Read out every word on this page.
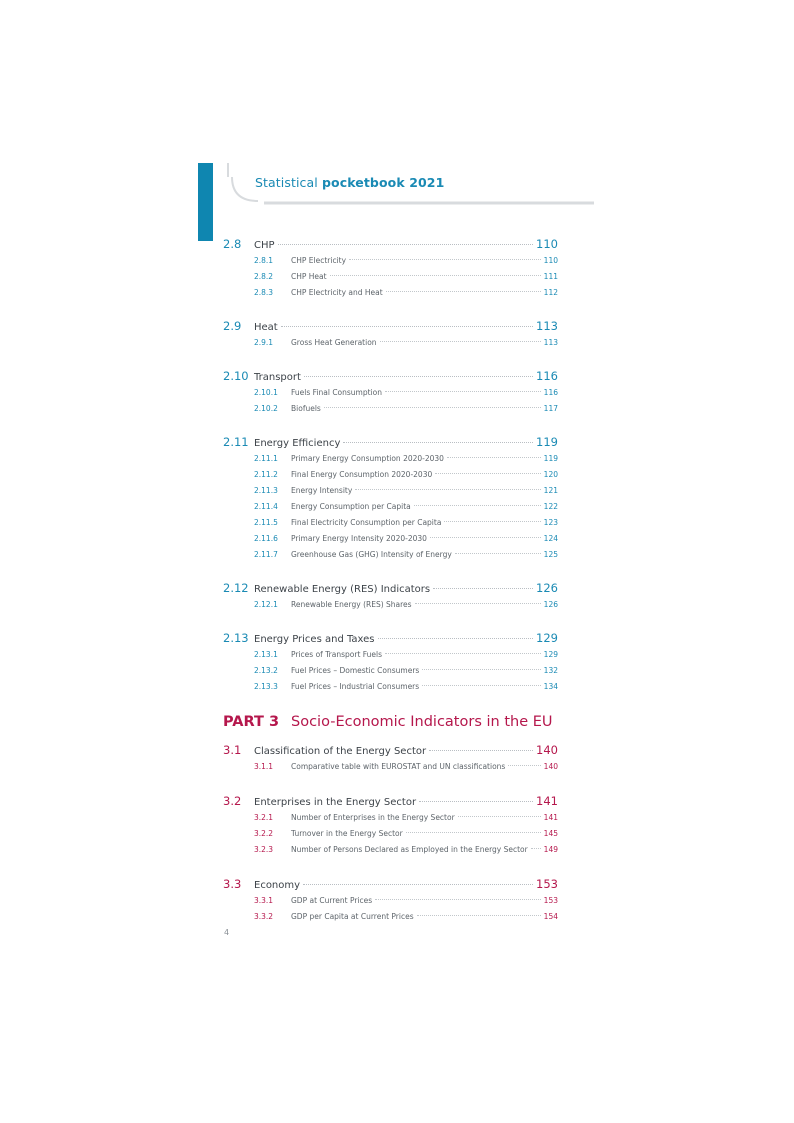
Statistical pocketbook 2021
2.8	CHP	110
2.8.1	CHP Electricity	110
2.8.2	CHP Heat	111
2.8.3	CHP Electricity and Heat	112
2.9	Heat	113
2.9.1	Gross Heat Generation	113
2.10 Transport	116
2.10.1	Fuels Final Consumption	116
2.10.2	Biofuels	117
2.11 Energy Efficiency	119
2.11.1	Primary Energy Consumption 2020-2030	119
2.11.2	Final Energy Consumption 2020-2030	120
2.11.3	Energy Intensity	121
2.11.4	Energy Consumption per Capita	122
2.11.5	Final Electricity Consumption per Capita	123
2.11.6	Primary Energy Intensity 2020-2030	124
2.11.7	Greenhouse Gas (GHG) Intensity of Energy	125
2.12 Renewable Energy (RES) Indicators	126
2.12.1	Renewable Energy (RES) Shares	126
2.13 Energy Prices and Taxes	129
2.13.1	Prices of Transport Fuels	129
2.13.2	Fuel Prices – Domestic Consumers	132
2.13.3	Fuel Prices – Industrial Consumers	134
PART 3 Socio-Economic Indicators in the EU
3.1	Classification of the Energy Sector	140
3.1.1	Comparative table with EUROSTAT and UN classifications	140
3.2	Enterprises in the Energy Sector	141
3.2.1	Number of Enterprises in the Energy Sector	141
3.2.2	Turnover in the Energy Sector	145
3.2.3	Number of Persons Declared as Employed in the Energy Sector 149
3.3	Economy	153
3.3.1	GDP at Current Prices	153
3.3.2	GDP per Capita at Current Prices	154
4
